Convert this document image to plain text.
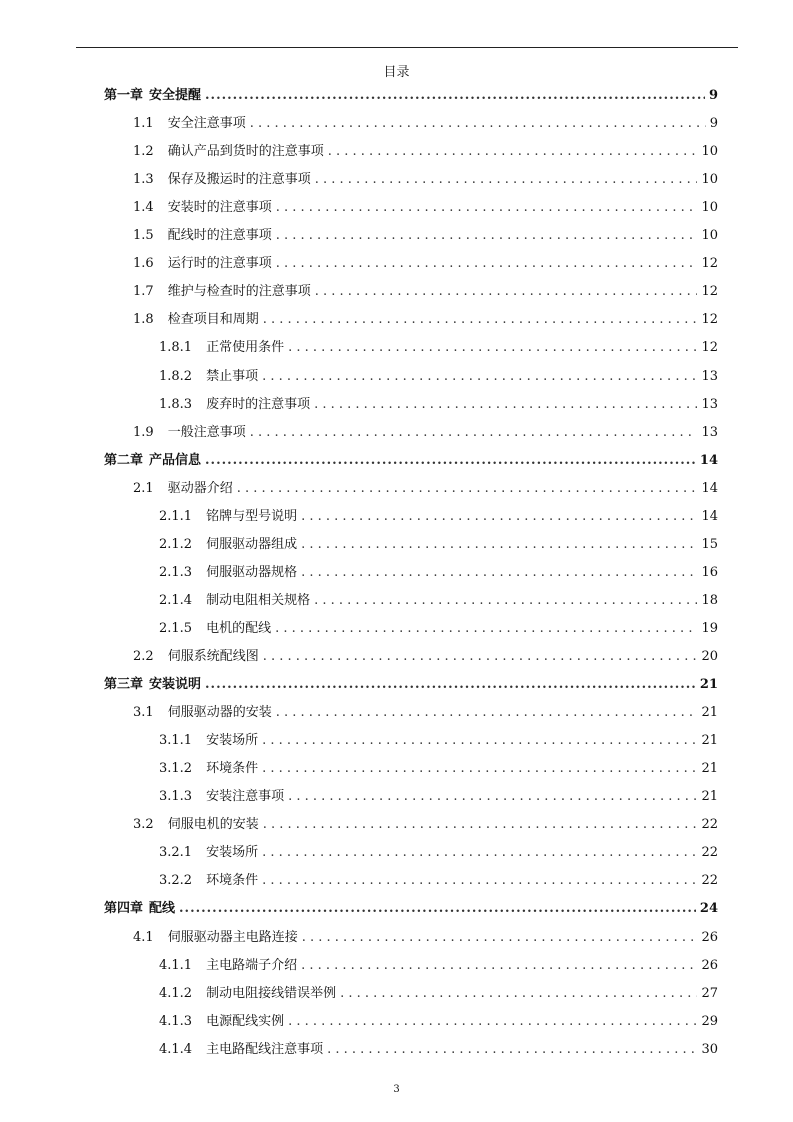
目录
第一章 安全提醒 .....	9
1.1 安全注意事项 . . .	9
1.2 确认产品到货时的注意事项 . . .	10
1.3 保存及搬运时的注意事项 . . .	10
1.4 安装时的注意事项 . . .	10
1.5 配线时的注意事项 . . .	10
1.6 运行时的注意事项 . . .	12
1.7 维护与检查时的注意事项 . . .	12
1.8 检查项目和周期 . . .	12
1.8.1 正常使用条件 . . .	12
1.8.2 禁止事项 . . .	13
1.8.3 废弃时的注意事项 . . .	13
1.9 一般注意事项 . . .	13
第二章 产品信息 .....	14
2.1 驱动器介绍 . . .	14
2.1.1 铭牌与型号说明 . . .	14
2.1.2 伺服驱动器组成 . . .	15
2.1.3 伺服驱动器规格 . . .	16
2.1.4 制动电阻相关规格 . . .	18
2.1.5 电机的配线 . . .	19
2.2 伺服系统配线图 . . .	20
第三章 安装说明 .....	21
3.1 伺服驱动器的安装 . . .	21
3.1.1 安装场所 . . .	21
3.1.2 环境条件 . . .	21
3.1.3 安装注意事项 . . .	21
3.2 伺服电机的安装 . . .	22
3.2.1 安装场所 . . .	22
3.2.2 环境条件 . . .	22
第四章 配线 .....	24
4.1 伺服驱动器主电路连接 . . .	26
4.1.1 主电路端子介绍 . . .	26
4.1.2 制动电阻接线错误举例 . . .	27
4.1.3 电源配线实例 . . .	29
4.1.4 主电路配线注意事项 . . .	30
3
